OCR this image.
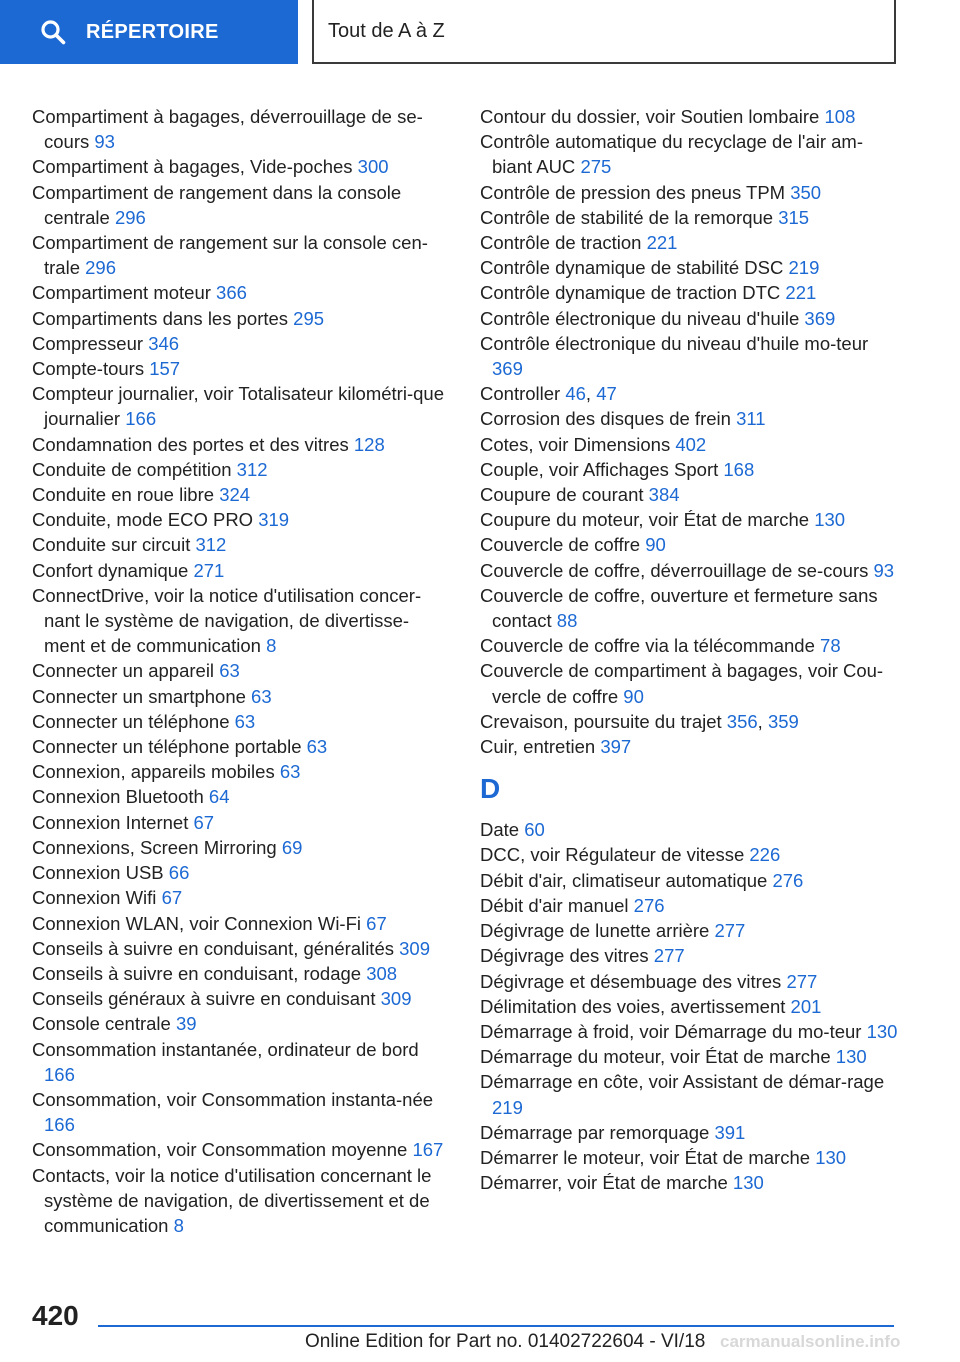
RÉPERTOIRE	Tout de A à Z
Compartiment à bagages, déverrouillage de se-cours 93
Compartiment à bagages, Vide-poches 300
Compartiment de rangement dans la console centrale 296
Compartiment de rangement sur la console cen-trale 296
Compartiment moteur 366
Compartiments dans les portes 295
Compresseur 346
Compte-tours 157
Compteur journalier, voir Totalisateur kilométri-que journalier 166
Condamnation des portes et des vitres 128
Conduite de compétition 312
Conduite en roue libre 324
Conduite, mode ECO PRO 319
Conduite sur circuit 312
Confort dynamique 271
ConnectDrive, voir la notice d'utilisation concer-nant le système de navigation, de divertisse-ment et de communication 8
Connecter un appareil 63
Connecter un smartphone 63
Connecter un téléphone 63
Connecter un téléphone portable 63
Connexion, appareils mobiles 63
Connexion Bluetooth 64
Connexion Internet 67
Connexions, Screen Mirroring 69
Connexion USB 66
Connexion Wifi 67
Connexion WLAN, voir Connexion Wi-Fi 67
Conseils à suivre en conduisant, généralités 309
Conseils à suivre en conduisant, rodage 308
Conseils généraux à suivre en conduisant 309
Console centrale 39
Consommation instantanée, ordinateur de bord 166
Consommation, voir Consommation instanta-née 166
Consommation, voir Consommation moyenne 167
Contacts, voir la notice d'utilisation concernant le système de navigation, de divertissement et de communication 8
Contour du dossier, voir Soutien lombaire 108
Contrôle automatique du recyclage de l'air am-biant AUC 275
Contrôle de pression des pneus TPM 350
Contrôle de stabilité de la remorque 315
Contrôle de traction 221
Contrôle dynamique de stabilité DSC 219
Contrôle dynamique de traction DTC 221
Contrôle électronique du niveau d'huile 369
Contrôle électronique du niveau d'huile mo-teur 369
Controller 46, 47
Corrosion des disques de frein 311
Cotes, voir Dimensions 402
Couple, voir Affichages Sport 168
Coupure de courant 384
Coupure du moteur, voir État de marche 130
Couvercle de coffre 90
Couvercle de coffre, déverrouillage de se-cours 93
Couvercle de coffre, ouverture et fermeture sans contact 88
Couvercle de coffre via la télécommande 78
Couvercle de compartiment à bagages, voir Cou-vercle de coffre 90
Crevaison, poursuite du trajet 356, 359
Cuir, entretien 397
D
Date 60
DCC, voir Régulateur de vitesse 226
Débit d'air, climatiseur automatique 276
Débit d'air manuel 276
Dégivrage de lunette arrière 277
Dégivrage des vitres 277
Dégivrage et désembuage des vitres 277
Délimitation des voies, avertissement 201
Démarrage à froid, voir Démarrage du mo-teur 130
Démarrage du moteur, voir État de marche 130
Démarrage en côte, voir Assistant de démar-rage 219
Démarrage par remorquage 391
Démarrer le moteur, voir État de marche 130
Démarrer, voir État de marche 130
420
Online Edition for Part no. 01402722604 - VI/18 carmanualsonline.info
